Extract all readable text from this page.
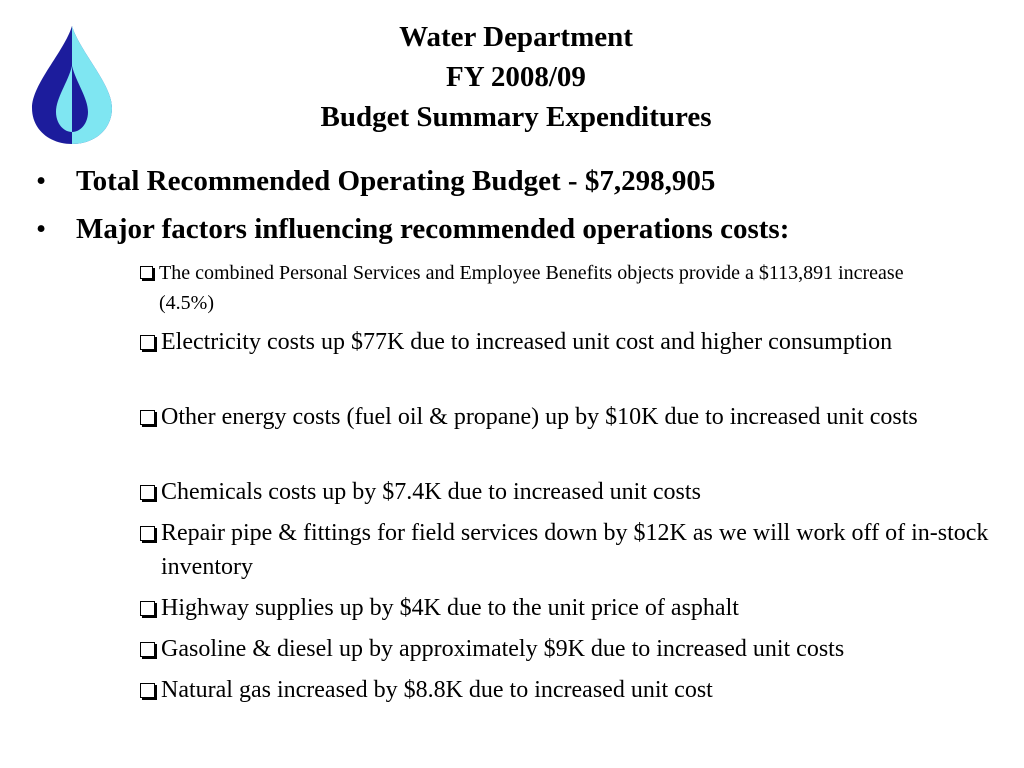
Water Department
FY 2008/09
Budget Summary Expenditures
• Total Recommended Operating Budget - $7,298,905
• Major factors influencing recommended operations costs:
The combined Personal Services and Employee Benefits objects provide a $113,891 increase (4.5%)
Electricity costs up $77K due to increased unit cost and higher consumption
Other energy costs (fuel oil & propane) up by $10K due to increased unit costs
Chemicals costs up by $7.4K due to increased unit costs
Repair pipe & fittings for field services down by $12K as we will work off of in-stock inventory
Highway supplies up by $4K due to the unit price of asphalt
Gasoline & diesel up by approximately $9K due to increased unit costs
Natural gas increased by $8.8K due to increased unit cost
